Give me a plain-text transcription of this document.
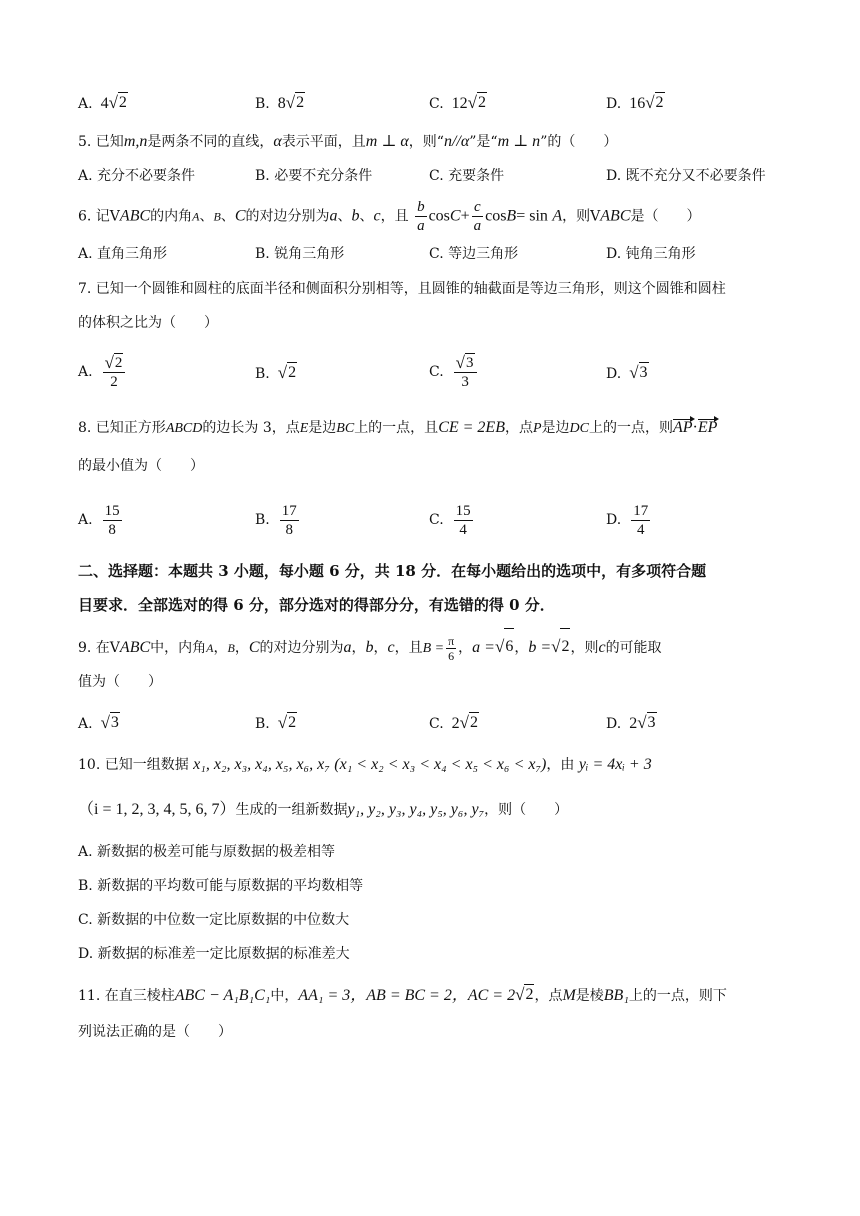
A. 4 √ 2	B. 8 √ 2	C. 12 √ 2	D. 16 √ 2
5. 已知m,n是两条不同的直线，α表示平面，且m ⊥ α，则“n//α”是“m ⊥ n”的（　　）
A. 充分不必要条件	B. 必要不充分条件	C. 充要条件	D. 既不充分又不必要条件
6. 记VABC的内角A、B、C的对边分别为a、b、c，且 $\frac{b}{a} \cos C+ \frac{c}{a} \cos B= \sin A$，则VABC是（　　）
A. 直角三角形	B. 锐角三角形	C. 等边三角形	D. 钝角三角形
7. 已知一个圆锥和圆柱的底面半径和侧面积分别相等，且圆锥的轴截面是等边三角形，则这个圆锥和圆柱
的体积之比为（　　）
A. $\frac{√ 2}{2}$	B. √ 2	C. $\frac{√ 3}{3}$	D. √ 3
8. 已知正方形ABCD的边长为 3，点E是边BC上的一点，且CE = 2EB，点P是边DC上的一点，则AP·EP
的最小值为（　　）
A. $\frac{15}{8}$	B. $\frac{17}{8}$	C. $\frac{15}{4}$	D. $\frac{17}{4}$
二、选择题：本题共 3 小题，每小题 6 分，共 18 分．在每小题给出的选项中，有多项符合题
目要求．全部选对的得 6 分，部分选对的得部分分，有选错的得 0 分．
9. 在VABC中，内角A，B，C的对边分别为a，b，c，且$B = \frac{\pi}{6}$ ，a = √ 6 ，b = √ 2 ，则c的可能取
值为（　　）
A. √ 3	B. √ 2	C. 2 √ 2	D. 2 √ 3
10. 已知一组数据 x₁, x₂, x₃, x₄, x₅, x₆, x₇ (x₁ < x₂ < x₃ < x₄ < x₅ < x₆ < x₇)，由 yᵢ = 4xᵢ + 3
（i = 1, 2, 3, 4, 5, 6, 7）生成的一组新数据y₁, y₂, y₃, y₄, y₅, y₆, y₇，则（　　）
A. 新数据的极差可能与原数据的极差相等
B. 新数据的平均数可能与原数据的平均数相等
C. 新数据的中位数一定比原数据的中位数大
D. 新数据的标准差一定比原数据的标准差大
11. 在直三棱柱ABC − A₁B₁C₁中，AA₁ = 3，AB = BC = 2，AC = 2 √ 2 ，点M是棱BB₁上的一点，则下
列说法正确的是（　　）
